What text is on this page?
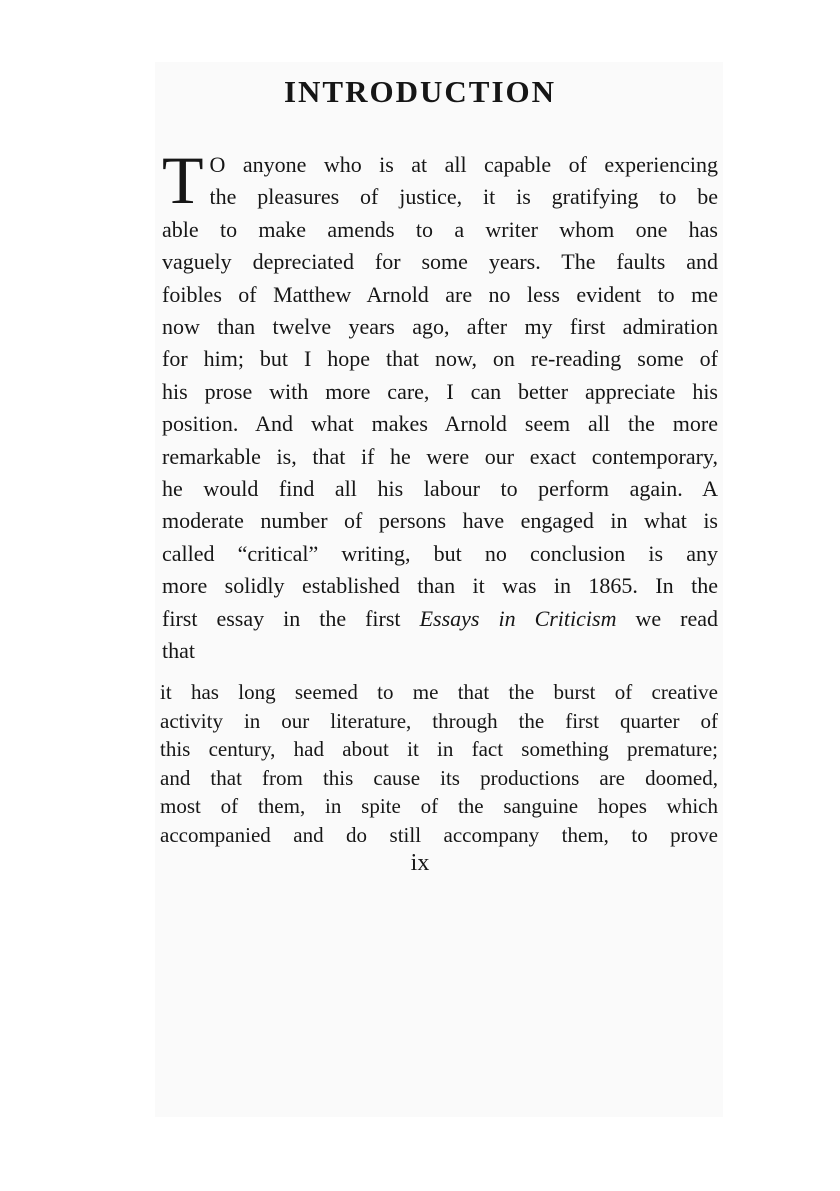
INTRODUCTION
T O anyone who is at all capable of experiencing
the pleasures of justice, it is gratifying to be
able to make amends to a writer whom one has
vaguely depreciated for some years. The faults and
foibles of Matthew Arnold are no less evident to me
now than twelve years ago, after my first admiration
for him; but I hope that now, on re-reading some of
his prose with more care, I can better appreciate his
position. And what makes Arnold seem all the more
remarkable is, that if he were our exact contemporary,
he would find all his labour to perform again. A
moderate number of persons have engaged in what is
called “critical” writing, but no conclusion is any
more solidly established than it was in 1865. In the
first essay in the first Essays in Criticism we read
that
it has long seemed to me that the burst of creative
activity in our literature, through the first quarter of
this century, had about it in fact something premature;
and that from this cause its productions are doomed,
most of them, in spite of the sanguine hopes which
accompanied and do still accompany them, to prove
ix
